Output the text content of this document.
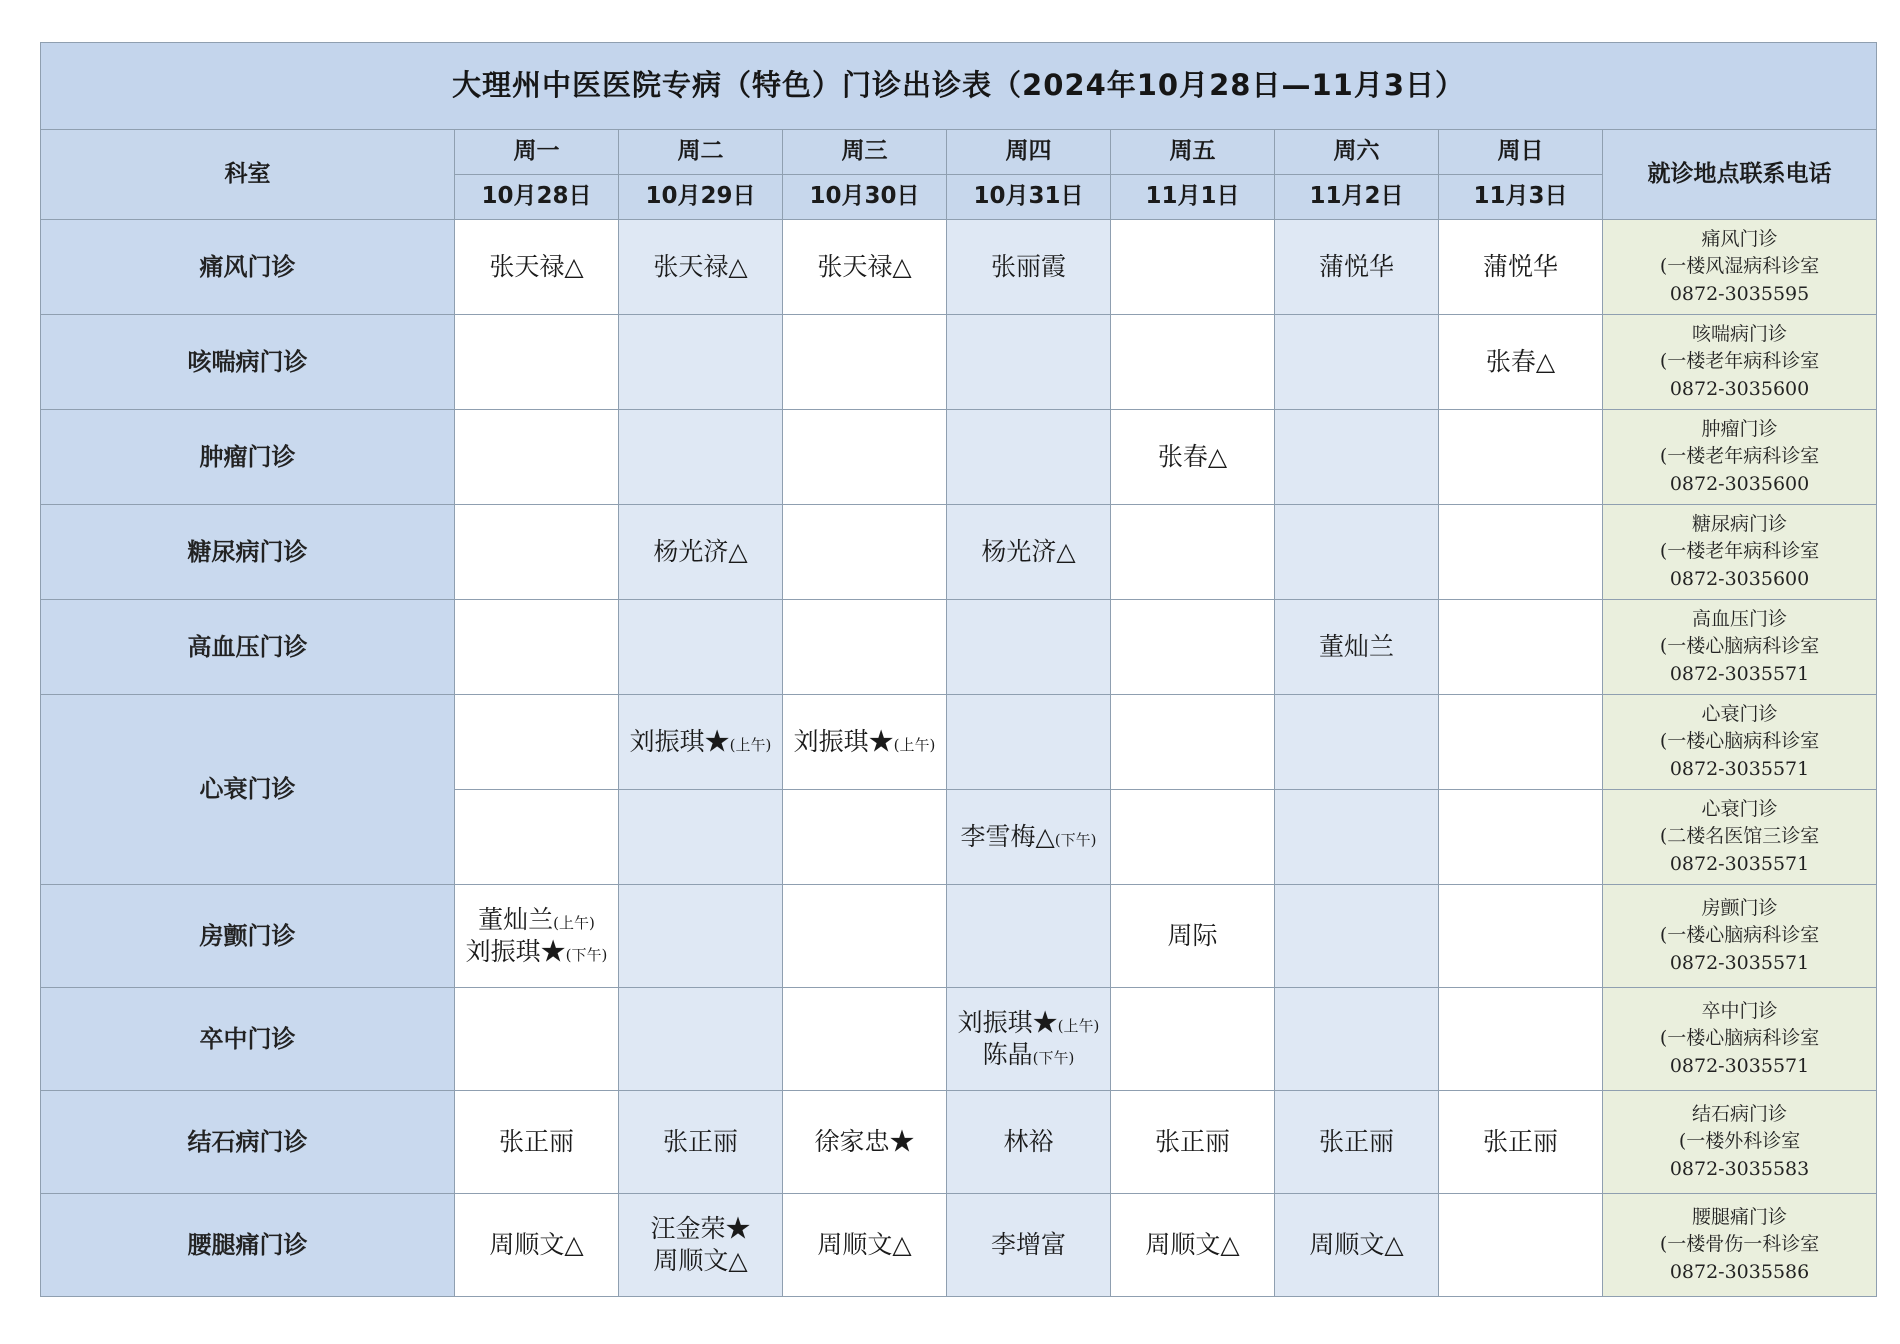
大理州中医医院专病（特色）门诊出诊表（2024年10月28日—11月3日）								
科室	周一	周二	周三	周四	周五	周六	周日	就诊地点联系电话
	10月28日	10月29日	10月30日	10月31日	11月1日	11月2日	11月3日	
痛风门诊	张天禄△	张天禄△	张天禄△	张丽霞		蒲悦华	蒲悦华	痛风门诊
(一楼风湿病科诊室
0872-3035595

咳喘病门诊							张春△	咳喘病门诊
(一楼老年病科诊室
0872-3035600

肿瘤门诊					张春△			肿瘤门诊
(一楼老年病科诊室
0872-3035600

糖尿病门诊		杨光济△		杨光济△				糖尿病门诊
(一楼老年病科诊室
0872-3035600

高血压门诊						董灿兰		高血压门诊
(一楼心脑病科诊室
0872-3035571

心衰门诊		刘振琪★(上午)	刘振琪★(上午)					心衰门诊
(一楼心脑病科诊室
0872-3035571

				李雪梅△(下午)				心衰门诊
(二楼名医馆三诊室
0872-3035571

房颤门诊	董灿兰(上午)
刘振琪★(下午)				周际			房颤门诊
(一楼心脑病科诊室
0872-3035571

卒中门诊				刘振琪★(上午)
陈晶(下午)				卒中门诊
(一楼心脑病科诊室
0872-3035571

结石病门诊	张正丽	张正丽	徐家忠★	林裕	张正丽	张正丽	张正丽	结石病门诊
(一楼外科诊室
0872-3035583

腰腿痛门诊	周顺文△	汪金荣★
周顺文△	周顺文△	李增富	周顺文△	周顺文△		腰腿痛门诊
(一楼骨伤一科诊室
0872-3035586
